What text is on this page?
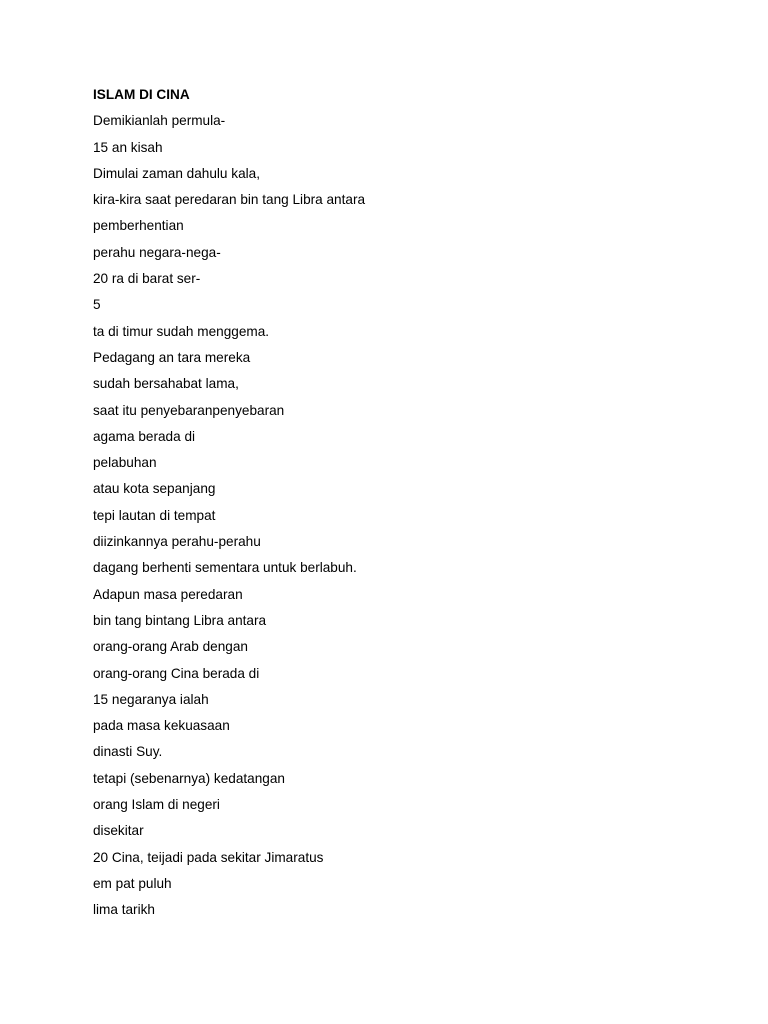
ISLAM DI CINA
Demikianlah permula-
15 an kisah
Dimulai zaman dahulu kala,
kira-kira saat peredaran bin tang Libra antara
pemberhentian
perahu negara-nega-
20 ra di barat ser-
5
ta di timur sudah menggema.
Pedagang an tara mereka
sudah bersahabat lama,
saat itu penyebaranpenyebaran
agama berada di
pelabuhan
atau kota sepanjang
tepi lautan di tempat
diizinkannya perahu-perahu
dagang berhenti sementara untuk berlabuh.
Adapun masa peredaran
bin tang bintang Libra antara
orang-orang Arab dengan
orang-orang Cina berada di
15 negaranya ialah
pada masa kekuasaan
dinasti Suy.
tetapi (sebenarnya) kedatangan
orang Islam di negeri
disekitar
20 Cina, teijadi pada sekitar Jimaratus
em pat puluh
lima tarikh
